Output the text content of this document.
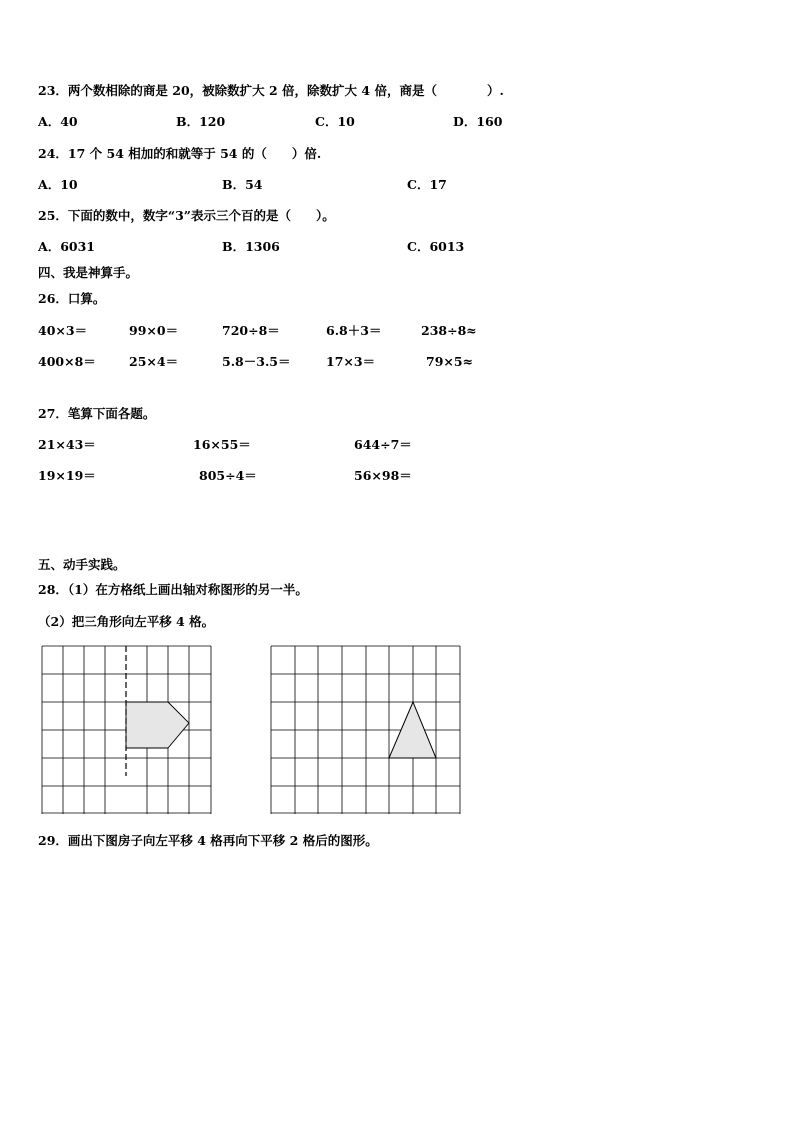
23．两个数相除的商是 20，被除数扩大 2 倍，除数扩大 4 倍，商是（　　　　）.
A．40	B．120	C．10	D．160
24．17 个 54 相加的和就等于 54 的（　　）倍.
A．10	B．54	C．17
25．下面的数中，数字“3”表示三个百的是（　　）。
A．6031	B．1306	C．6013
四、我是神算手。
26．口算。
40×3＝	99×0＝	720÷8＝	6.8＋3＝	238÷8≈
400×8＝	25×4＝	5.8－3.5＝	17×3＝	79×5≈
27．笔算下面各题。
21×43＝	16×55＝	644÷7＝
19×19＝	805÷4＝	56×98＝
五、动手实践。
28．（1）在方格纸上画出轴对称图形的另一半。
（2）把三角形向左平移 4 格。
29．画出下图房子向左平移 4 格再向下平移 2 格后的图形。
